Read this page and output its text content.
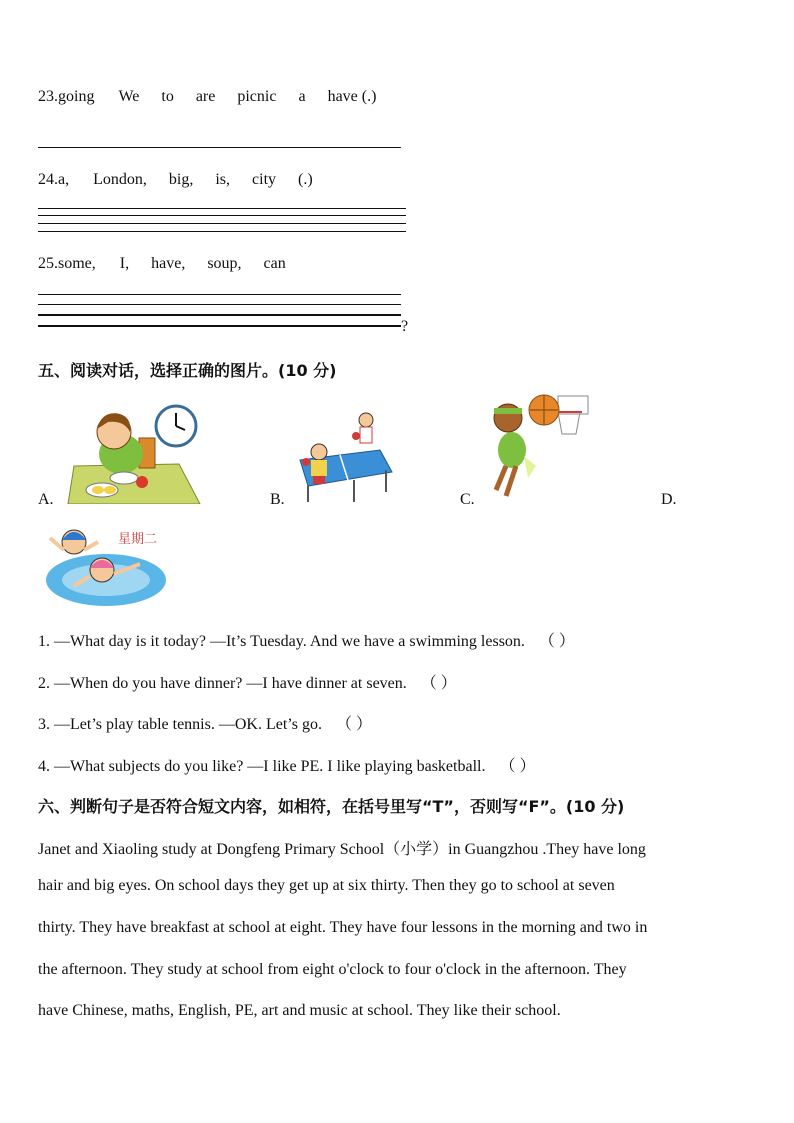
23.going We to are picnic a have (.)
24.a, London, big, is, city (.)
25.some, I, have, soup, can
?
五、阅读对话，选择正确的图片。(10 分)
A.	B.	C.	D.
星期二
1. —What day is it today? —It’s Tuesday. And we have a swimming lesson. （ ）
2. —When do you have dinner? —I have dinner at seven. （ ）
3. —Let’s play table tennis. —OK. Let’s go. （ ）
4. —What subjects do you like? —I like PE. I like playing basketball. （ ）
六、判断句子是否符合短文内容，如相符，在括号里写“T”，否则写“F”。(10 分)
Janet and Xiaoling study at Dongfeng Primary School（小学）in Guangzhou .They have long
hair and big eyes. On school days they get up at six thirty. Then they go to school at seven
thirty. They have breakfast at school at eight. They have four lessons in the morning and two in
the afternoon. They study at school from eight o'clock to four o'clock in the afternoon. They
have Chinese, maths, English, PE, art and music at school. They like their school.
